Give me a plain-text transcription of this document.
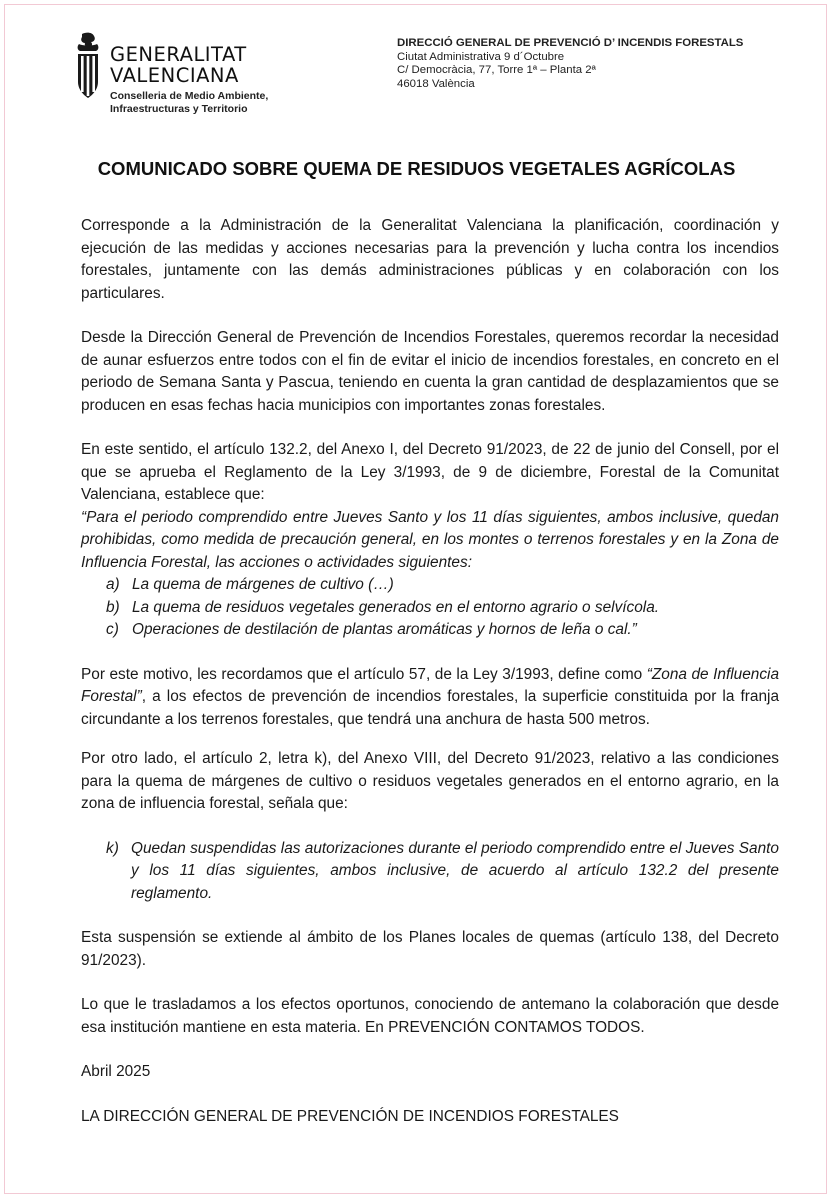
GENERALITAT
VALENCIANA
Conselleria de Medio Ambiente,
Infraestructuras y Territorio
DIRECCIÓ GENERAL DE PREVENCIÓ D’ INCENDIS FORESTALS
Ciutat Administrativa 9 d´Octubre
C/ Democràcia, 77, Torre 1ª – Planta 2ª
46018 València
COMUNICADO SOBRE QUEMA DE RESIDUOS VEGETALES AGRÍCOLAS

Corresponde a la Administración de la Generalitat Valenciana la planificación, coordinación y ejecución de las medidas y acciones necesarias para la prevención y lucha contra los incendios forestales, juntamente con las demás administraciones públicas y en colaboración con los particulares.

Desde la Dirección General de Prevención de Incendios Forestales, queremos recordar la necesidad de aunar esfuerzos entre todos con el fin de evitar el inicio de incendios forestales, en concreto en el periodo de Semana Santa y Pascua, teniendo en cuenta la gran cantidad de desplazamientos que se producen en esas fechas hacia municipios con importantes zonas forestales.

En este sentido, el artículo 132.2, del Anexo I, del Decreto 91/2023, de 22 de junio del Consell, por el que se aprueba el Reglamento de la Ley 3/1993, de 9 de diciembre, Forestal de la Comunitat Valenciana, establece que:

“Para el periodo comprendido entre Jueves Santo y los 11 días siguientes, ambos inclusive, quedan prohibidas, como medida de precaución general, en los montes o terrenos forestales y en la Zona de Influencia Forestal, las acciones o actividades siguientes:
a) La quema de márgenes de cultivo (…)
b) La quema de residuos vegetales generados en el entorno agrario o selvícola.
c) Operaciones de destilación de plantas aromáticas y hornos de leña o cal.”

Por este motivo, les recordamos que el artículo 57, de la Ley 3/1993, define como “Zona de Influencia Forestal”, a los efectos de prevención de incendios forestales, la superficie constituida por la franja circundante a los terrenos forestales, que tendrá una anchura de hasta 500 metros.

Por otro lado, el artículo 2, letra k), del Anexo VIII, del Decreto 91/2023, relativo a las condiciones para la quema de márgenes de cultivo o residuos vegetales generados en el entorno agrario, en la zona de influencia forestal, señala que:

k) Quedan suspendidas las autorizaciones durante el periodo comprendido entre el Jueves Santo y los 11 días siguientes, ambos inclusive, de acuerdo al artículo 132.2 del presente reglamento.

Esta suspensión se extiende al ámbito de los Planes locales de quemas (artículo 138, del Decreto 91/2023).

Lo que le trasladamos a los efectos oportunos, conociendo de antemano la colaboración que desde esa institución mantiene en esta materia. En PREVENCIÓN CONTAMOS TODOS.

Abril 2025

LA DIRECCIÓN GENERAL DE PREVENCIÓN DE INCENDIOS FORESTALES
